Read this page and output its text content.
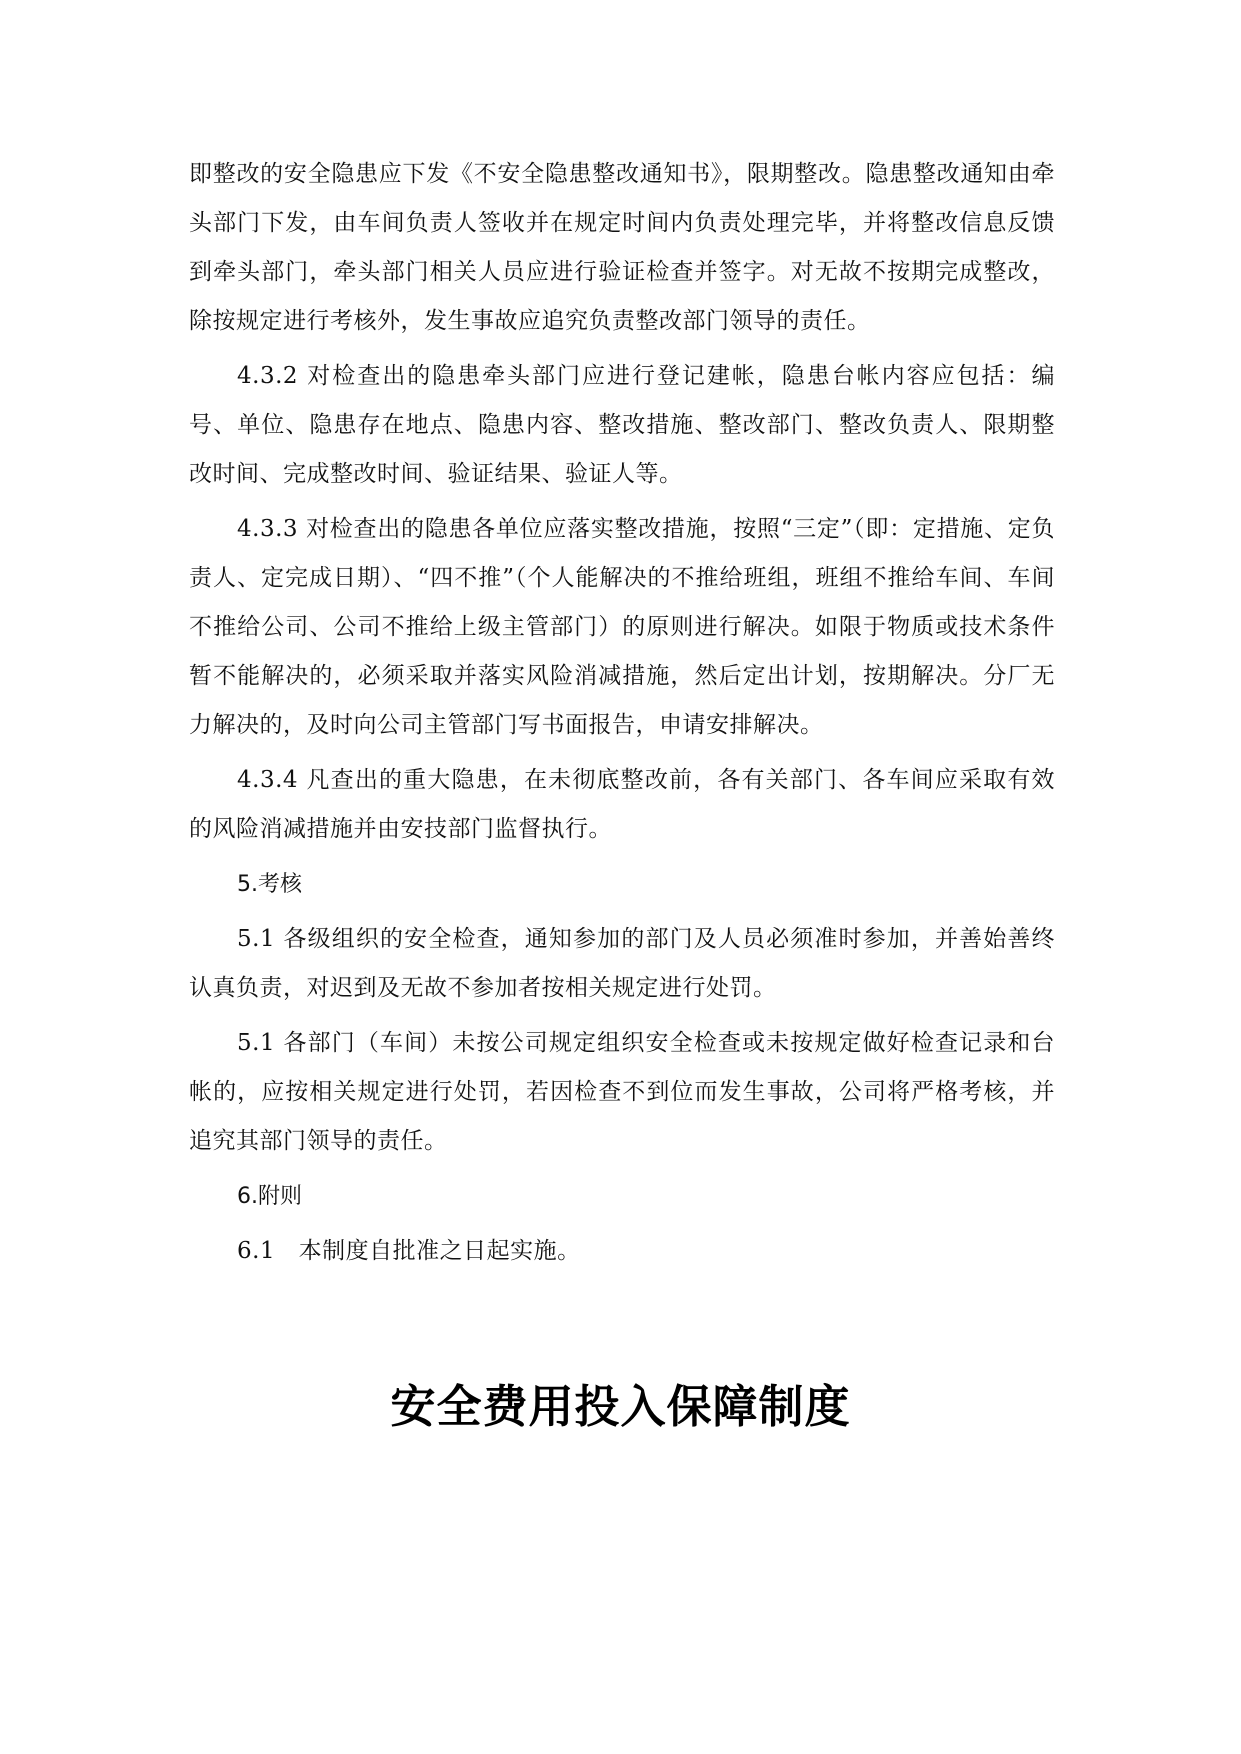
即整改的安全隐患应下发《不安全隐患整改通知书》，限期整改。隐患整改通知由牵头部门下发，由车间负责人签收并在规定时间内负责处理完毕，并将整改信息反馈到牵头部门，牵头部门相关人员应进行验证检查并签字。对无故不按期完成整改，除按规定进行考核外，发生事故应追究负责整改部门领导的责任。

4.3.2 对检查出的隐患牵头部门应进行登记建帐，隐患台帐内容应包括：编号、单位、隐患存在地点、隐患内容、整改措施、整改部门、整改负责人、限期整改时间、完成整改时间、验证结果、验证人等。

4.3.3 对检查出的隐患各单位应落实整改措施，按照“三定”（即：定措施、定负责人、定完成日期）、“四不推”（个人能解决的不推给班组，班组不推给车间、车间不推给公司、公司不推给上级主管部门）的原则进行解决。如限于物质或技术条件暂不能解决的，必须采取并落实风险消减措施，然后定出计划，按期解决。分厂无力解决的，及时向公司主管部门写书面报告，申请安排解决。

4.3.4 凡查出的重大隐患，在未彻底整改前，各有关部门、各车间应采取有效的风险消减措施并由安技部门监督执行。

5.考核

5.1 各级组织的安全检查，通知参加的部门及人员必须准时参加，并善始善终认真负责，对迟到及无故不参加者按相关规定进行处罚。

5.1 各部门（车间）未按公司规定组织安全检查或未按规定做好检查记录和台帐的，应按相关规定进行处罚，若因检查不到位而发生事故，公司将严格考核，并追究其部门领导的责任。

6.附则

6.1　本制度自批准之日起实施。

安全费用投入保障制度
